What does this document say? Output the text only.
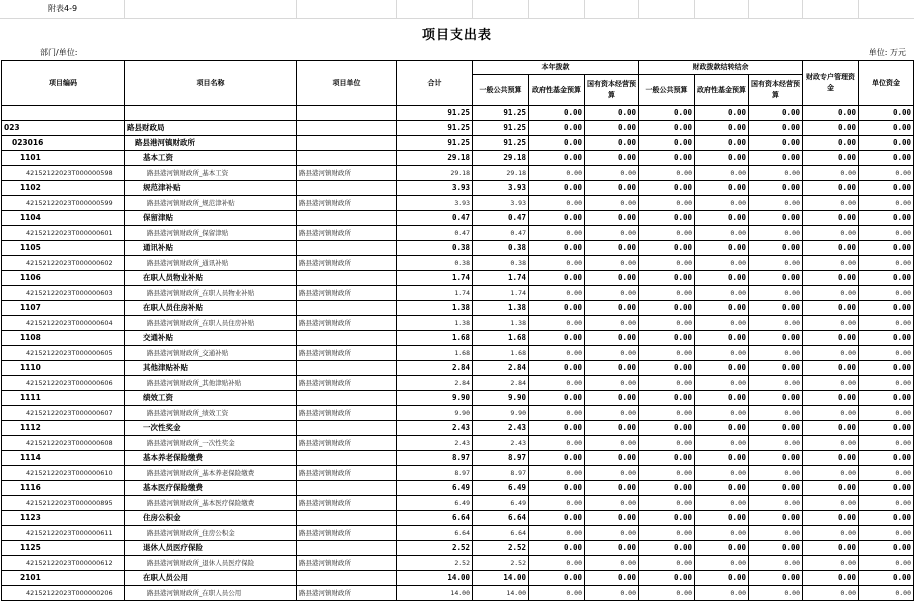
附表4-9
项目支出表
部门/单位:	单位: 万元
项目编码	项目名称	项目单位	合计	本年拨款			财政拨款结转结余			财政专户管理资金	单位资金
				一般公共预算	政府性基金预算	国有资本经营预算	一般公共预算	政府性基金预算	国有资本经营预算		
			91.25	91.25	0.00	0.00	0.00	0.00	0.00	0.00	0.00
023	路县财政局		91.25	91.25	0.00	0.00	0.00	0.00	0.00	0.00	0.00
023016	路县港河镇财政所		91.25	91.25	0.00	0.00	0.00	0.00	0.00	0.00	0.00
1101	基本工资		29.18	29.18	0.00	0.00	0.00	0.00	0.00	0.00	0.00
42152122023T000000598	路县港河镇财政所_基本工资	路县港河镇财政所	29.18	29.18	0.00	0.00	0.00	0.00	0.00	0.00	0.00
1102	规范津补贴		3.93	3.93	0.00	0.00	0.00	0.00	0.00	0.00	0.00
42152122023T000000599	路县港河镇财政所_规范津补贴	路县港河镇财政所	3.93	3.93	0.00	0.00	0.00	0.00	0.00	0.00	0.00
1104	保留津贴		0.47	0.47	0.00	0.00	0.00	0.00	0.00	0.00	0.00
42152122023T000000601	路县港河镇财政所_保留津贴	路县港河镇财政所	0.47	0.47	0.00	0.00	0.00	0.00	0.00	0.00	0.00
1105	通讯补贴		0.38	0.38	0.00	0.00	0.00	0.00	0.00	0.00	0.00
42152122023T000000602	路县港河镇财政所_通讯补贴	路县港河镇财政所	0.38	0.38	0.00	0.00	0.00	0.00	0.00	0.00	0.00
1106	在职人员物业补贴		1.74	1.74	0.00	0.00	0.00	0.00	0.00	0.00	0.00
42152122023T000000603	路县港河镇财政所_在职人员物业补贴	路县港河镇财政所	1.74	1.74	0.00	0.00	0.00	0.00	0.00	0.00	0.00
1107	在职人员住房补贴		1.38	1.38	0.00	0.00	0.00	0.00	0.00	0.00	0.00
42152122023T000000604	路县港河镇财政所_在职人员住房补贴	路县港河镇财政所	1.38	1.38	0.00	0.00	0.00	0.00	0.00	0.00	0.00
1108	交通补贴		1.68	1.68	0.00	0.00	0.00	0.00	0.00	0.00	0.00
42152122023T000000605	路县港河镇财政所_交通补贴	路县港河镇财政所	1.68	1.68	0.00	0.00	0.00	0.00	0.00	0.00	0.00
1110	其他津贴补贴		2.84	2.84	0.00	0.00	0.00	0.00	0.00	0.00	0.00
42152122023T000000606	路县港河镇财政所_其他津贴补贴	路县港河镇财政所	2.84	2.84	0.00	0.00	0.00	0.00	0.00	0.00	0.00
1111	绩效工资		9.90	9.90	0.00	0.00	0.00	0.00	0.00	0.00	0.00
42152122023T000000607	路县港河镇财政所_绩效工资	路县港河镇财政所	9.90	9.90	0.00	0.00	0.00	0.00	0.00	0.00	0.00
1112	一次性奖金		2.43	2.43	0.00	0.00	0.00	0.00	0.00	0.00	0.00
42152122023T000000608	路县港河镇财政所_一次性奖金	路县港河镇财政所	2.43	2.43	0.00	0.00	0.00	0.00	0.00	0.00	0.00
1114	基本养老保险缴费		8.97	8.97	0.00	0.00	0.00	0.00	0.00	0.00	0.00
42152122023T000000610	路县港河镇财政所_基本养老保险缴费	路县港河镇财政所	8.97	8.97	0.00	0.00	0.00	0.00	0.00	0.00	0.00
1116	基本医疗保险缴费		6.49	6.49	0.00	0.00	0.00	0.00	0.00	0.00	0.00
42152122023T000000895	路县港河镇财政所_基本医疗保险缴费	路县港河镇财政所	6.49	6.49	0.00	0.00	0.00	0.00	0.00	0.00	0.00
1123	住房公积金		6.64	6.64	0.00	0.00	0.00	0.00	0.00	0.00	0.00
42152122023T000000611	路县港河镇财政所_住房公积金	路县港河镇财政所	6.64	6.64	0.00	0.00	0.00	0.00	0.00	0.00	0.00
1125	退休人员医疗保险		2.52	2.52	0.00	0.00	0.00	0.00	0.00	0.00	0.00
42152122023T000000612	路县港河镇财政所_退休人员医疗保险	路县港河镇财政所	2.52	2.52	0.00	0.00	0.00	0.00	0.00	0.00	0.00
2101	在职人员公用		14.00	14.00	0.00	0.00	0.00	0.00	0.00	0.00	0.00
42152122023T000000206	路县港河镇财政所_在职人员公用	路县港河镇财政所	14.00	14.00	0.00	0.00	0.00	0.00	0.00	0.00	0.00
